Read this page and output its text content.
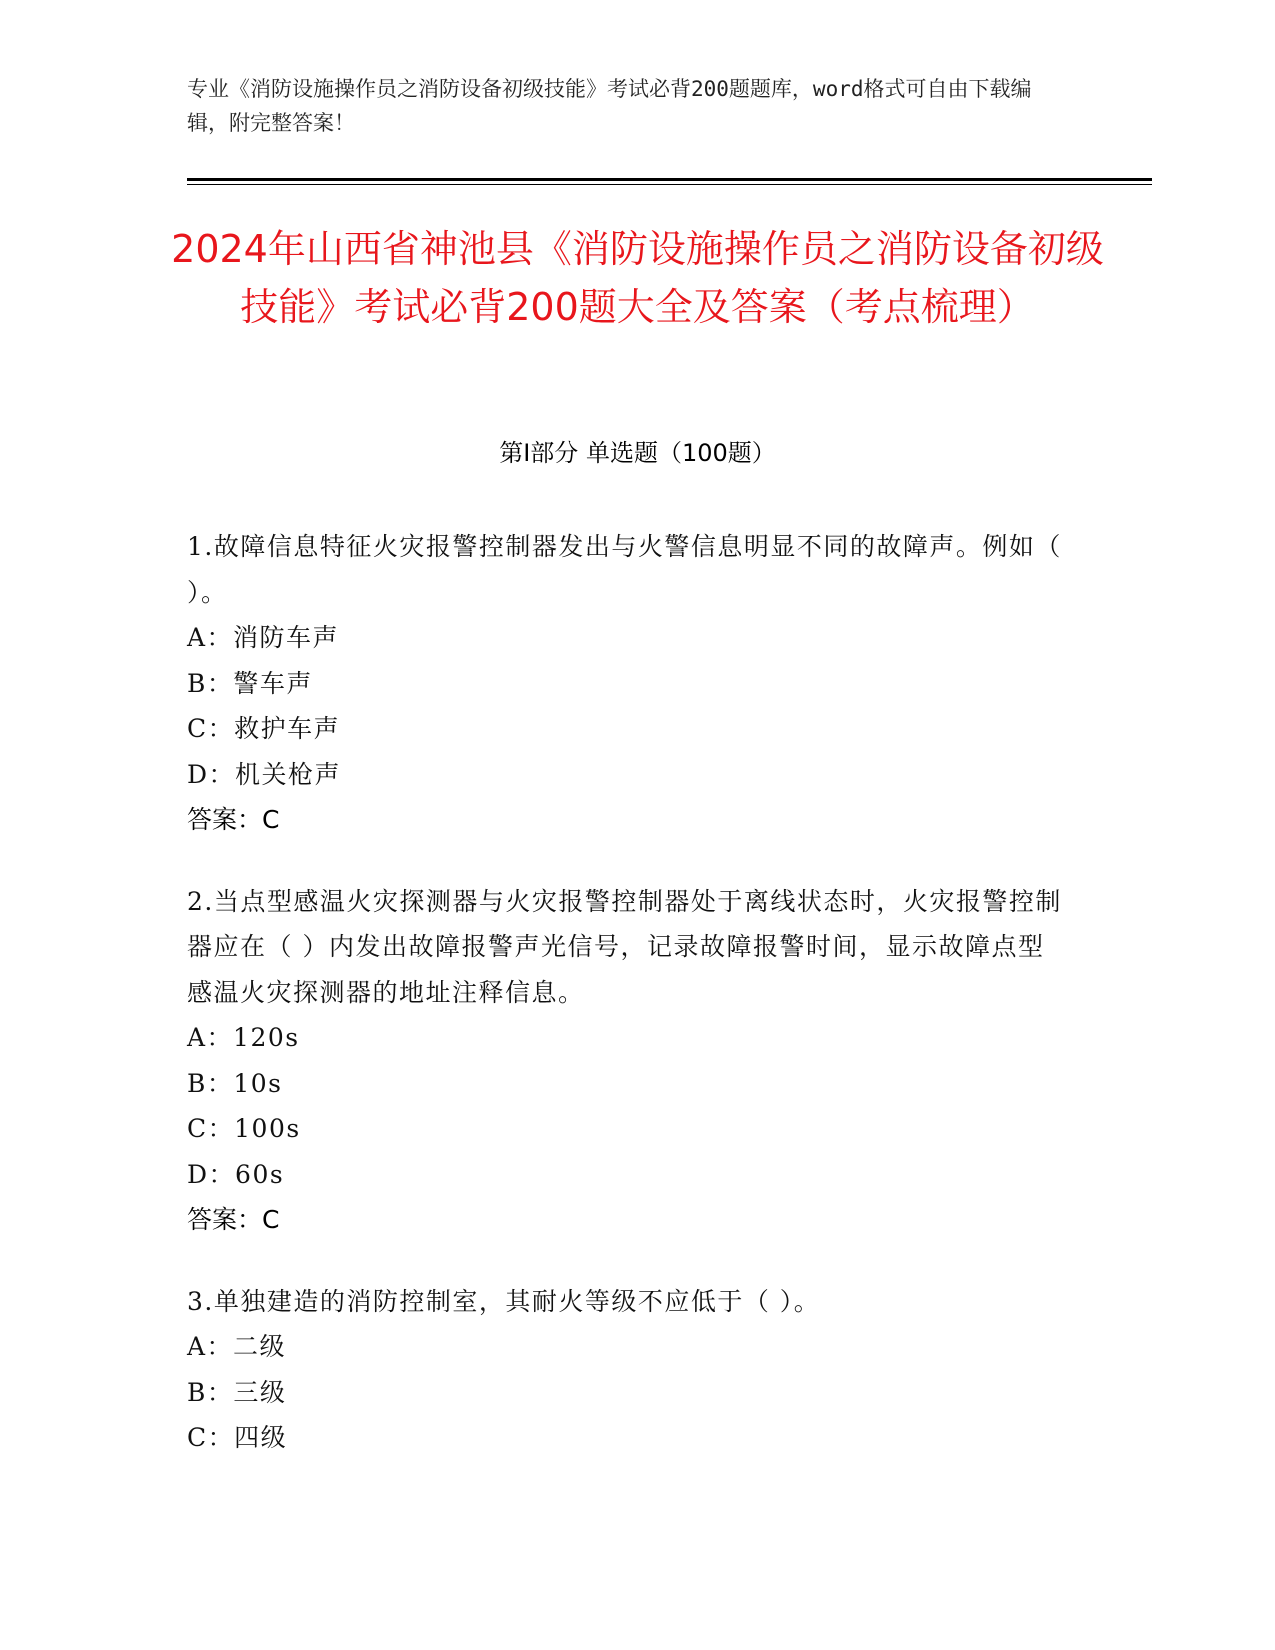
专业《消防设施操作员之消防设备初级技能》考试必背200题题库，word格式可自由下载编辑，附完整答案！
2024年山西省神池县《消防设施操作员之消防设备初级技能》考试必背200题大全及答案（考点梳理）
第Ⅰ部分 单选题（100题）
1.故障信息特征火灾报警控制器发出与火警信息明显不同的故障声。例如（ ）。
A：消防车声
B：警车声
C：救护车声
D：机关枪声
答案：C
2.当点型感温火灾探测器与火灾报警控制器处于离线状态时，火灾报警控制器应在（ ）内发出故障报警声光信号，记录故障报警时间，显示故障点型感温火灾探测器的地址注释信息。
A：120s
B：10s
C：100s
D：60s
答案：C
3.单独建造的消防控制室，其耐火等级不应低于（ ）。
A：二级
B：三级
C：四级
